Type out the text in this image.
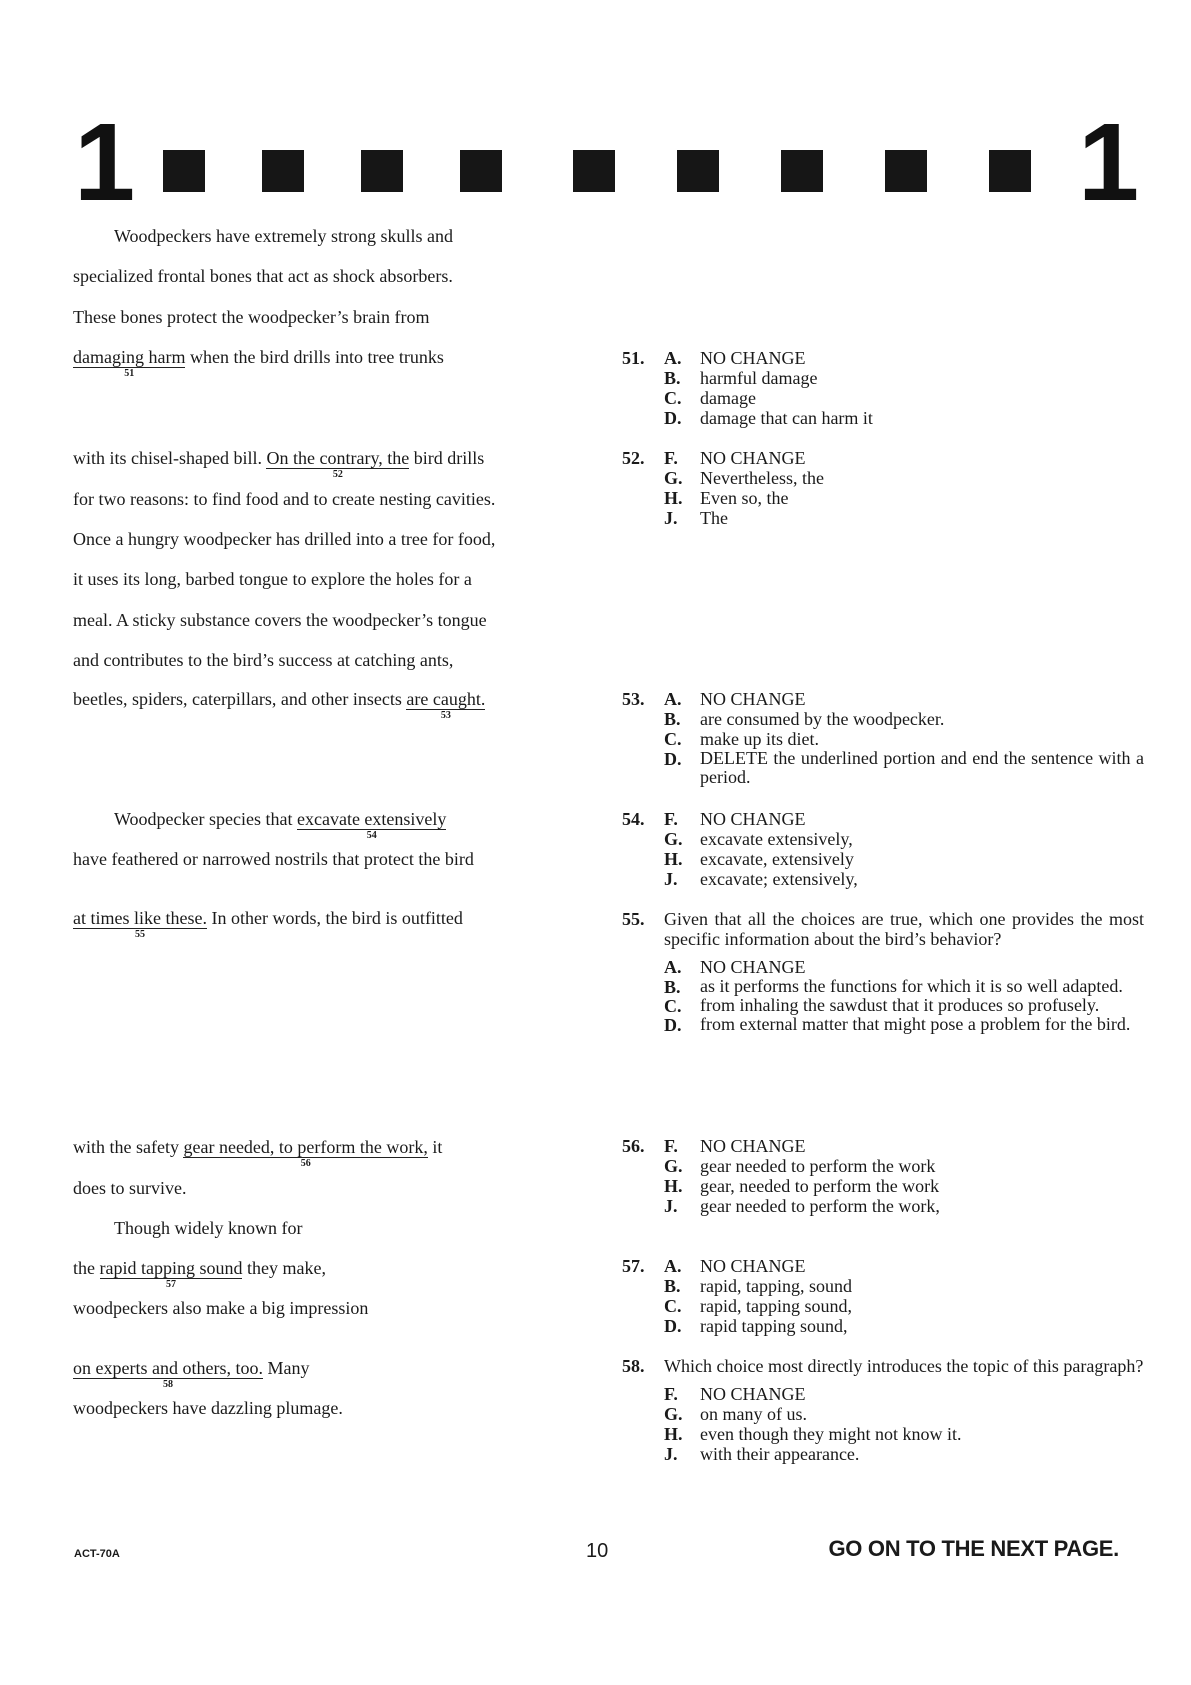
1	1
Woodpeckers have extremely strong skulls and
specialized frontal bones that act as shock absorbers.
These bones protect the woodpecker’s brain from
damaging harm
51
when the bird drills into tree trunks
with its chisel-shaped bill. On the contrary, the
52
bird drills
for two reasons: to find food and to create nesting cavities.
Once a hungry woodpecker has drilled into a tree for food,
it uses its long, barbed tongue to explore the holes for a
meal. A sticky substance covers the woodpecker’s tongue
and contributes to the bird’s success at catching ants,
beetles, spiders, caterpillars, and other insects are caught.
53
Woodpecker species that excavate extensively
54
have feathered or narrowed nostrils that protect the bird
at times like these.
55
In other words, the bird is outfitted
with the safety gear needed, to perform the work,
56
it
does to survive.
Though widely known for
the rapid tapping sound
57
they make,
woodpeckers also make a big impression
on experts and others, too.
58
Many
woodpeckers have dazzling plumage.
51.	A. NO CHANGE
B. harmful damage
C. damage
D. damage that can harm it
52.	F. NO CHANGE
G. Nevertheless, the
H. Even so, the
J. The
53.	A. NO CHANGE
B. are consumed by the woodpecker.
C. make up its diet.
D. DELETE the underlined portion and end the sentence with a period.
54.	F. NO CHANGE
G. excavate extensively,
H. excavate, extensively
J. excavate; extensively,
55.	Given that all the choices are true, which one provides the most specific information about the bird’s behavior?
A. NO CHANGE
B. as it performs the functions for which it is so well adapted.
C. from inhaling the sawdust that it produces so profusely.
D. from external matter that might pose a problem for the bird.
56.	F. NO CHANGE
G. gear needed to perform the work
H. gear, needed to perform the work
J. gear needed to perform the work,
57.	A. NO CHANGE
B. rapid, tapping, sound
C. rapid, tapping sound,
D. rapid tapping sound,
58.	Which choice most directly introduces the topic of this paragraph?
F. NO CHANGE
G. on many of us.
H. even though they might not know it.
J. with their appearance.
ACT-70A	10	GO ON TO THE NEXT PAGE.
